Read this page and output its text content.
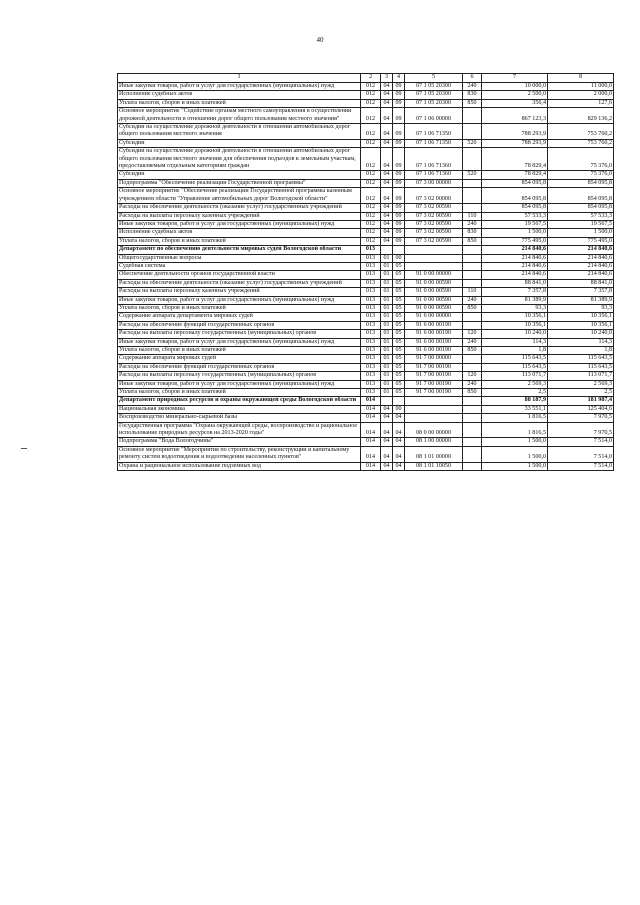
40
1	2	3	4	5	6	7	8
Иные закупки товаров, работ и услуг для государственных (муниципальных) нужд	012	04	09	07 1 05 20300	240	10 000,0	11 000,0
Исполнение судебных актов	012	04	09	07 1 05 20300	830	2 500,0	2 000,0
Уплата налогов, сборов и иных платежей	012	04	09	07 1 05 20300	850	356,4	127,6
Основное мероприятие "Содействие органам местного самоуправления в осуществлении дорожной деятельности в отношении дорог общего пользования местного значения"	012	04	09	07 1 06 00000		867 123,3	829 136,2
Субсидии на осуществление дорожной деятельности в отношении автомобильных дорог общего пользования местного значения	012	04	09	07 1 06 71350		788 293,9	753 760,2
Субсидии	012	04	09	07 1 06 71350	520	788 293,9	753 760,2
Субсидии на осуществление дорожной деятельности в отношении автомобильных дорог общего пользования местного значения для обеспечения подъездов к земельным участкам, предоставляемым отдельным категориям граждан	012	04	09	07 1 06 71360		78 829,4	75 376,0
Субсидии	012	04	09	07 1 06 71360	520	78 829,4	75 376,0
Подпрограмма "Обеспечение реализации Государственной программы"	012	04	09	07 3 00 00000		854 095,8	854 095,8
Основное мероприятие "Обеспечение реализации Государственной программы казенным учреждением области "Управление автомобильных дорог Вологодской области"	012	04	09	07 3 02 00000		854 095,8	854 095,8
Расходы на обеспечение деятельности (оказание услуг) государственных учреждений	012	04	09	07 3 02 00590		854 095,8	854 095,8
Расходы на выплаты персоналу казенных учреждений	012	04	09	07 3 02 00590	110	57 533,3	57 533,3
Иные закупки товаров, работ и услуг для государственных (муниципальных) нужд	012	04	09	07 3 02 00590	240	19 567,5	19 567,5
Исполнение судебных актов	012	04	09	07 3 02 00590	830	1 500,0	1 500,0
Уплата налогов, сборов и иных платежей	012	04	09	07 3 02 00590	850	775 495,0	775 495,0
Департамент по обеспечению деятельности мировых судей Вологодской области	013					214 840,6	214 840,6
Общегосударственные вопросы	013	01	00			214 840,6	214 840,6
Судебная система	013	01	05			214 840,6	214 840,6
Обеспечение деятельности органов государственной власти	013	01	05	91 0 00 00000		214 840,6	214 840,6
Расходы на обеспечение деятельности (оказание услуг) государственных учреждений	013	01	05	91 0 00 00590		88 841,0	88 841,0
Расходы на выплаты персоналу казенных учреждений	013	01	05	91 0 00 00590	110	7 357,8	7 357,8
Иные закупки товаров, работ и услуг для государственных (муниципальных) нужд	013	01	05	91 0 00 00590	240	81 389,9	81 389,9
Уплата налогов, сборов и иных платежей	013	01	05	91 0 00 00590	850	93,3	93,3
Содержание аппарата департамента мировых судей	013	01	05	91 6 00 00000		10 356,1	10 356,1
Расходы на обеспечение функций государственных органов	013	01	05	91 6 00 00190		10 356,1	10 356,1
Расходы на выплаты персоналу государственных (муниципальных) органов	013	01	05	91 6 00 00190	120	10 240,0	10 240,0
Иные закупки товаров, работ и услуг для государственных (муниципальных) нужд	013	01	05	91 6 00 00190	240	114,3	114,3
Уплата налогов, сборов и иных платежей	013	01	05	91 6 00 00190	850	1,8	1,8
Содержание аппарата мировых судей	013	01	05	91 7 00 00000		115 643,5	115 643,5
Расходы на обеспечение функций государственных органов	013	01	05	91 7 00 00190		115 643,5	115 643,5
Расходы на выплаты персоналу государственных (муниципальных) органов	013	01	05	91 7 00 00190	120	113 071,7	113 071,7
Иные закупки товаров, работ и услуг для государственных (муниципальных) нужд	013	01	05	91 7 00 00190	240	2 569,3	2 569,3
Уплата налогов, сборов и иных платежей	013	01	05	91 7 00 00190	850	2,5	2,5
Департамент природных ресурсов и охраны окружающей среды Вологодской области	014					88 187,9	181 987,4
Национальная экономика	014	04	00			33 551,1	125 404,6
Воспроизводство минерально-сырьевой базы	014	04	04			1 816,5	7 970,5
Государственная программа "Охрана окружающей среды, воспроизводство и рациональное использование природных ресурсов на 2013-2020 годы"	014	04	04	08 0 00 00000		1 816,5	7 970,5
Подпрограмма "Вода Вологодчины"	014	04	04	08 1 00 00000		1 500,0	7 514,0
Основное мероприятие "Мероприятия по строительству, реконструкции и капитальному ремонту систем водоотведения и водоотведения населенных пунктов"	014	04	04	08 1 01 00000		1 500,0	7 514,0
Охрана и рациональное использование подземных вод	014	04	04	08 1 01 10050		1 500,0	7 514,0
